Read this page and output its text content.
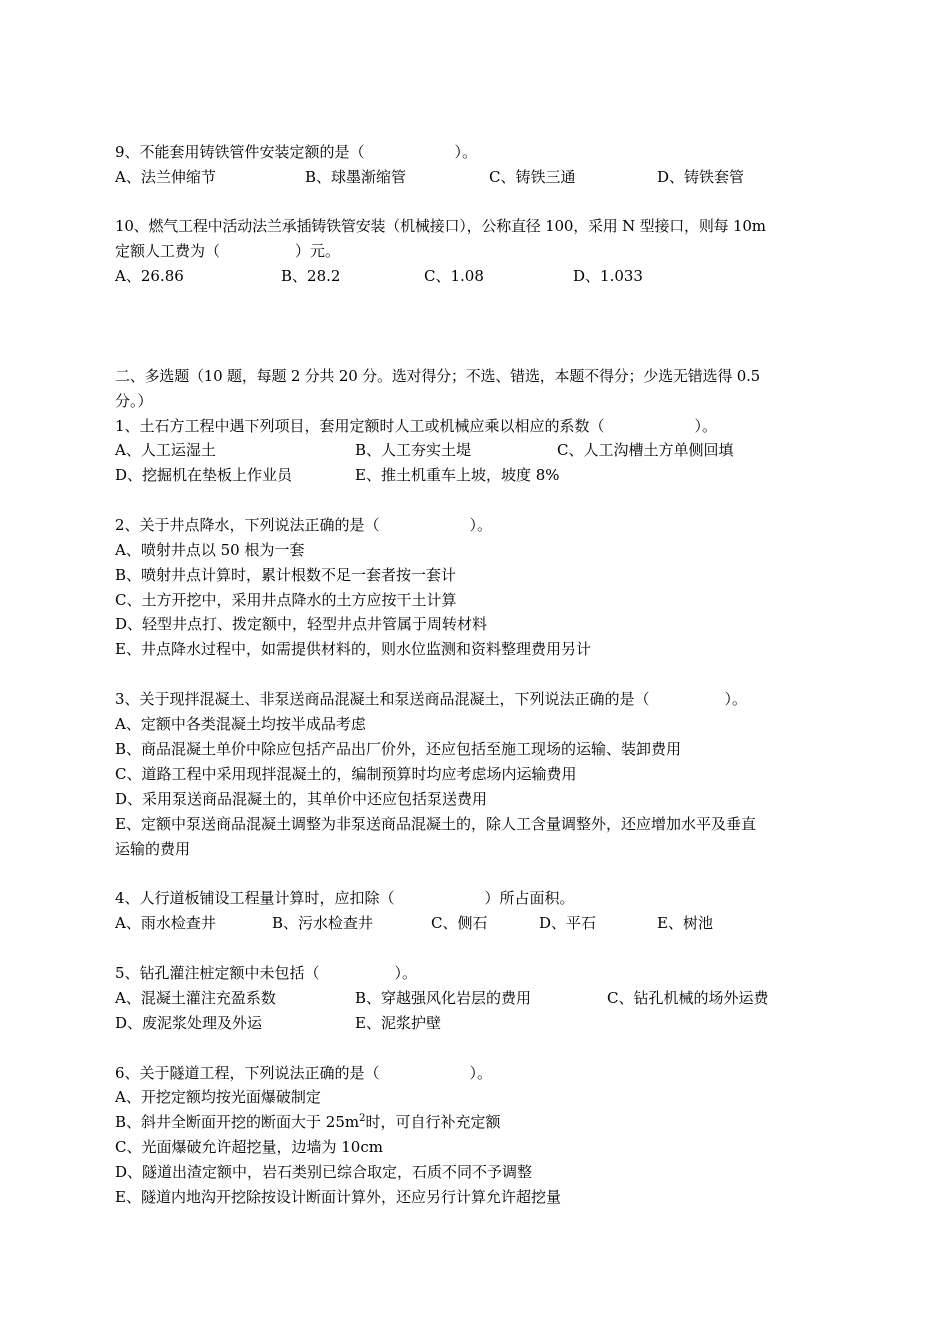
9、不能套用铸铁管件安装定额的是（　　　　　　）。

A、法兰伸缩节

	B、球墨渐缩管

	C、铸铁三通

	D、铸铁套管

10、燃气工程中活动法兰承插铸铁管安装（机械接口），公称直径 100，采用 N 型接口，则每 10m
定额人工费为（　　　　　）元。

A、26.86

	B、28.2

	C、1.08

	D、1.033

二、多选题（10 题，每题 2 分共 20 分。选对得分；不选、错选，本题不得分；少选无错选得 0.5
分。）
1、土石方工程中遇下列项目，套用定额时人工或机械应乘以相应的系数（　　　　　　）。

A、人工运湿土

	B、人工夯实土堤

	C、人工沟槽土方单侧回填

D、挖掘机在垫板上作业员

	E、推土机重车上坡，坡度 8%

2、关于井点降水，下列说法正确的是（　　　　　　）。
A、喷射井点以 50 根为一套
B、喷射井点计算时，累计根数不足一套者按一套计
C、土方开挖中，采用井点降水的土方应按干土计算
D、轻型井点打、拨定额中，轻型井点井管属于周转材料
E、井点降水过程中，如需提供材料的，则水位监测和资料整理费用另计
3、关于现拌混凝土、非泵送商品混凝土和泵送商品混凝土，下列说法正确的是（　　　　　）。
A、定额中各类混凝土均按半成品考虑
B、商品混凝土单价中除应包括产品出厂价外，还应包括至施工现场的运输、装卸费用
C、道路工程中采用现拌混凝土的，编制预算时均应考虑场内运输费用
D、采用泵送商品混凝土的，其单价中还应包括泵送费用
E、定额中泵送商品混凝土调整为非泵送商品混凝土的，除人工含量调整外，还应增加水平及垂直
运输的费用
4、人行道板铺设工程量计算时，应扣除（　　　　　　）所占面积。

A、雨水检查井

	B、污水检查井

	C、侧石

	D、平石

	E、树池

5、钻孔灌注桩定额中未包括（　　　　　）。

A、混凝土灌注充盈系数

	B、穿越强风化岩层的费用

	C、钻孔机械的场外运费

D、废泥浆处理及外运

	E、泥浆护壁

6、关于隧道工程，下列说法正确的是（　　　　　　）。
A、开挖定额均按光面爆破制定
B、斜井全断面开挖的断面大于 $25m^2$时，可自行补充定额
C、光面爆破允许超挖量，边墙为 10cm
D、隧道出渣定额中，岩石类别已综合取定，石质不同不予调整
E、隧道内地沟开挖除按设计断面计算外，还应另行计算允许超挖量
